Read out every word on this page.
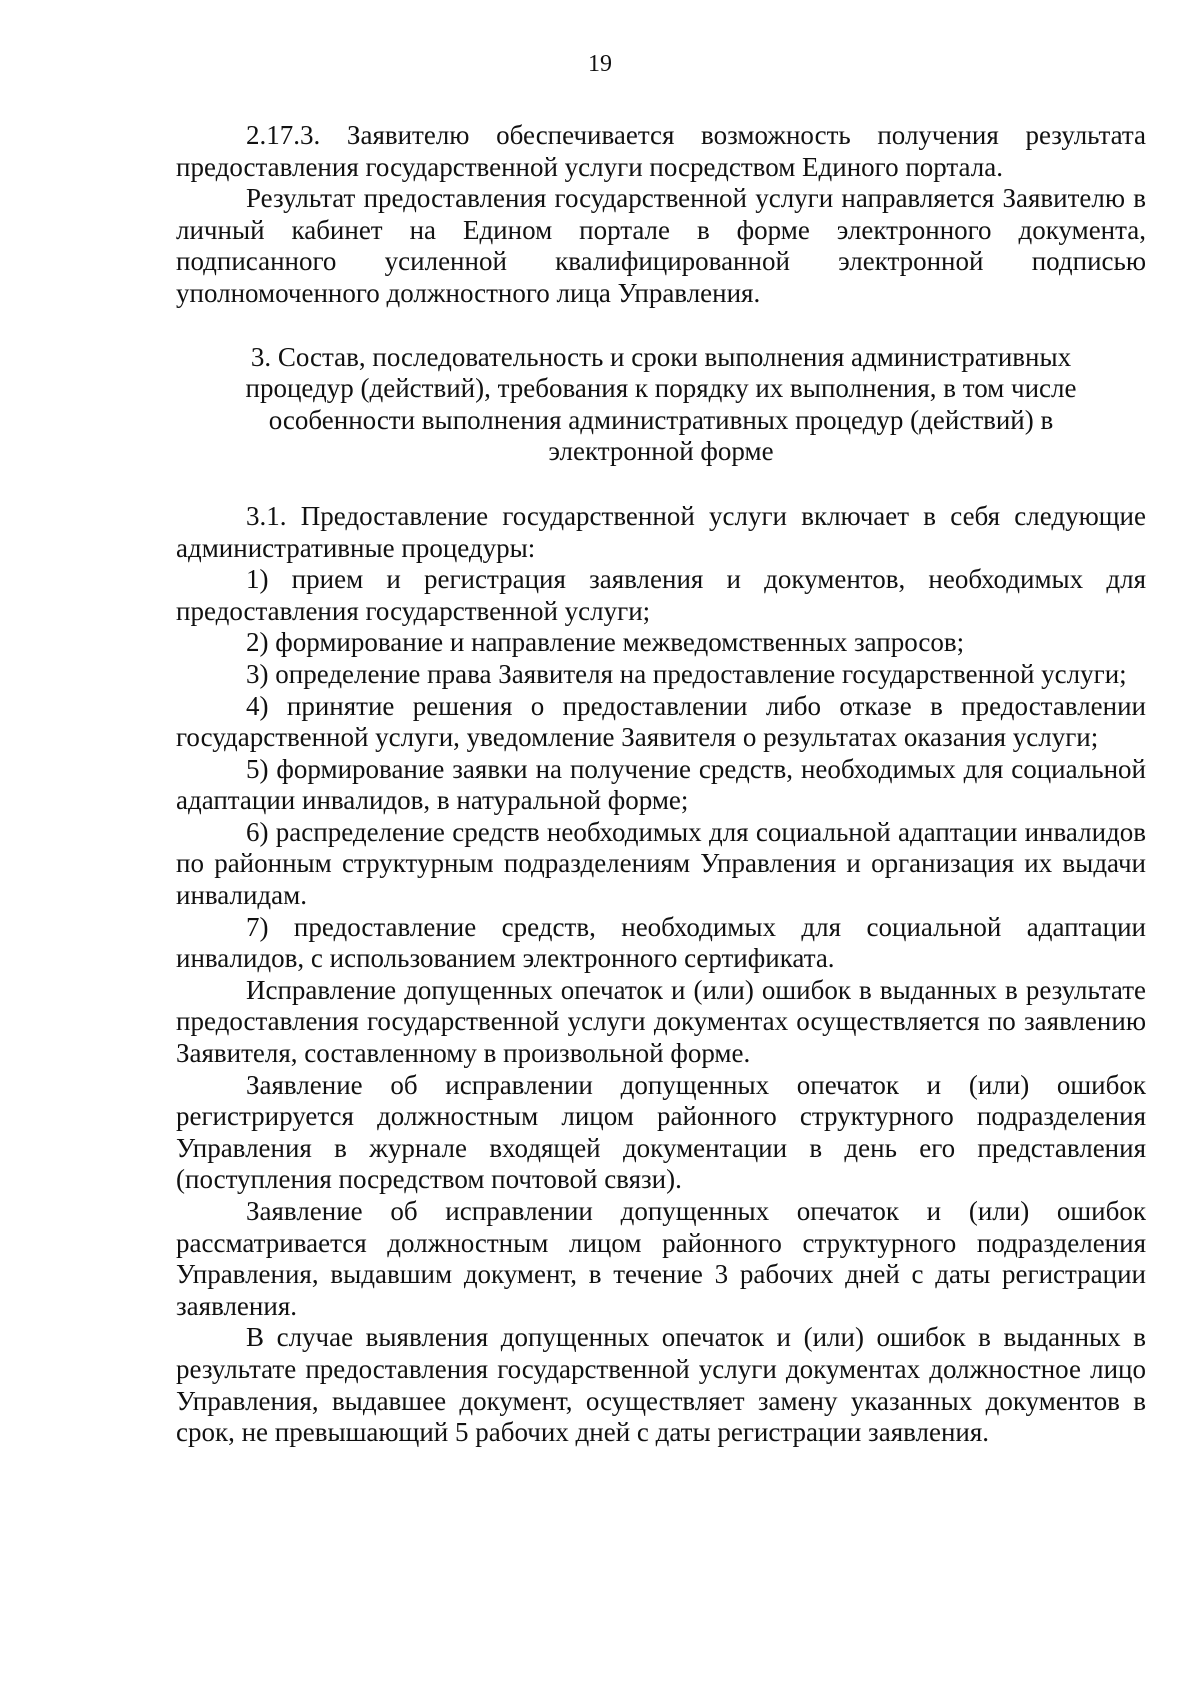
19

2.17.3. Заявителю обеспечивается возможность получения результата предоставления государственной услуги посредством Единого портала.

Результат предоставления государственной услуги направляется Заявителю в личный кабинет на Едином портале в форме электронного документа, подписанного усиленной квалифицированной электронной подписью уполномоченного должностного лица Управления.

3. Состав, последовательность и сроки выполнения административных процедур (действий), требования к порядку их выполнения, в том числе особенности выполнения административных процедур (действий) в электронной форме

3.1. Предоставление государственной услуги включает в себя следующие административные процедуры:

1) прием и регистрация заявления и документов, необходимых для предоставления государственной услуги;

2) формирование и направление межведомственных запросов;

3) определение права Заявителя на предоставление государственной услуги;

4) принятие решения о предоставлении либо отказе в предоставлении государственной услуги, уведомление Заявителя о результатах оказания услуги;

5) формирование заявки на получение средств, необходимых для социальной адаптации инвалидов, в натуральной форме;

6) распределение средств необходимых для социальной адаптации инвалидов по районным структурным подразделениям Управления и организация их выдачи инвалидам.

7) предоставление средств, необходимых для социальной адаптации инвалидов, с использованием электронного сертификата.

Исправление допущенных опечаток и (или) ошибок в выданных в результате предоставления государственной услуги документах осуществляется по заявлению Заявителя, составленному в произвольной форме.

Заявление об исправлении допущенных опечаток и (или) ошибок регистрируется должностным лицом районного структурного подразделения Управления в журнале входящей документации в день его представления (поступления посредством почтовой связи).

Заявление об исправлении допущенных опечаток и (или) ошибок рассматривается должностным лицом районного структурного подразделения Управления, выдавшим документ, в течение 3 рабочих дней с даты регистрации заявления.

В случае выявления допущенных опечаток и (или) ошибок в выданных в результате предоставления государственной услуги документах должностное лицо Управления, выдавшее документ, осуществляет замену указанных документов в срок, не превышающий 5 рабочих дней с даты регистрации заявления.
